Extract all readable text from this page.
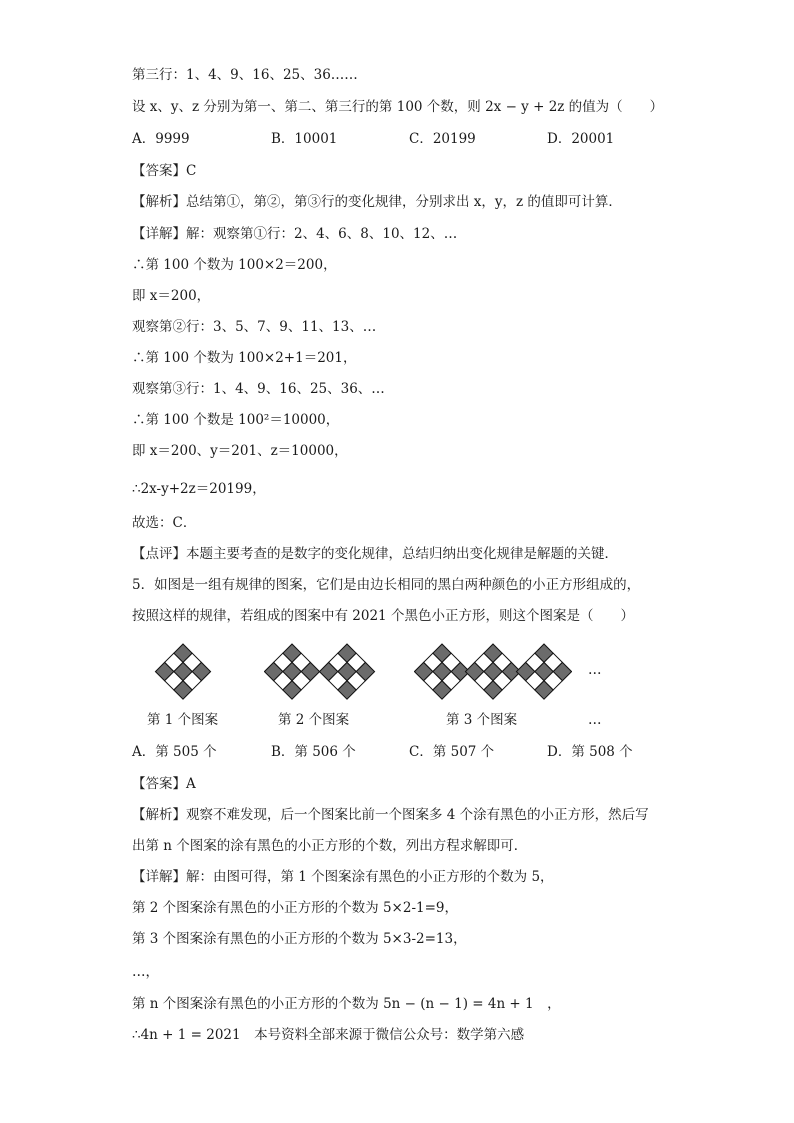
第三行：1、4、9、16、25、36……
设 x、y、z 分别为第一、第二、第三行的第 100 个数，则 2x − y + 2z 的值为（　　）
A．9999	B．10001	C．20199	D．20001
【答案】C
【解析】总结第①，第②，第③行的变化规律，分别求出 x，y，z 的值即可计算．
【详解】解：观察第①行：2、4、6、8、10、12、…
∴第 100 个数为 100×2＝200，
即 x＝200，
观察第②行：3、5、7、9、11、13、…
∴第 100 个数为 100×2+1＝201，
观察第③行：1、4、9、16、25、36、…
∴第 100 个数是 100²＝10000，
即 x＝200、y＝201、z＝10000，
∴2x-y+2z＝20199，
故选：C．
【点评】本题主要考查的是数字的变化规律，总结归纳出变化规律是解题的关键．
5．如图是一组有规律的图案，它们是由边长相同的黑白两种颜色的小正方形组成的，
按照这样的规律，若组成的图案中有 2021 个黑色小正方形，则这个图案是（　　）
…
第 1 个图案	第 2 个图案	第 3 个图案	…
A．第 505 个	B．第 506 个	C．第 507 个	D．第 508 个
【答案】A
【解析】观察不难发现，后一个图案比前一个图案多 4 个涂有黑色的小正方形，然后写
出第 n 个图案的涂有黑色的小正方形的个数，列出方程求解即可．
【详解】解：由图可得，第 1 个图案涂有黑色的小正方形的个数为 5，
第 2 个图案涂有黑色的小正方形的个数为 5×2-1=9，
第 3 个图案涂有黑色的小正方形的个数为 5×3-2=13，
…，
第 n 个图案涂有黑色的小正方形的个数为 5n − (n − 1) = 4n + 1　，
∴4n + 1 = 2021　本号资料全部来源于微信公众号：数学第六感
